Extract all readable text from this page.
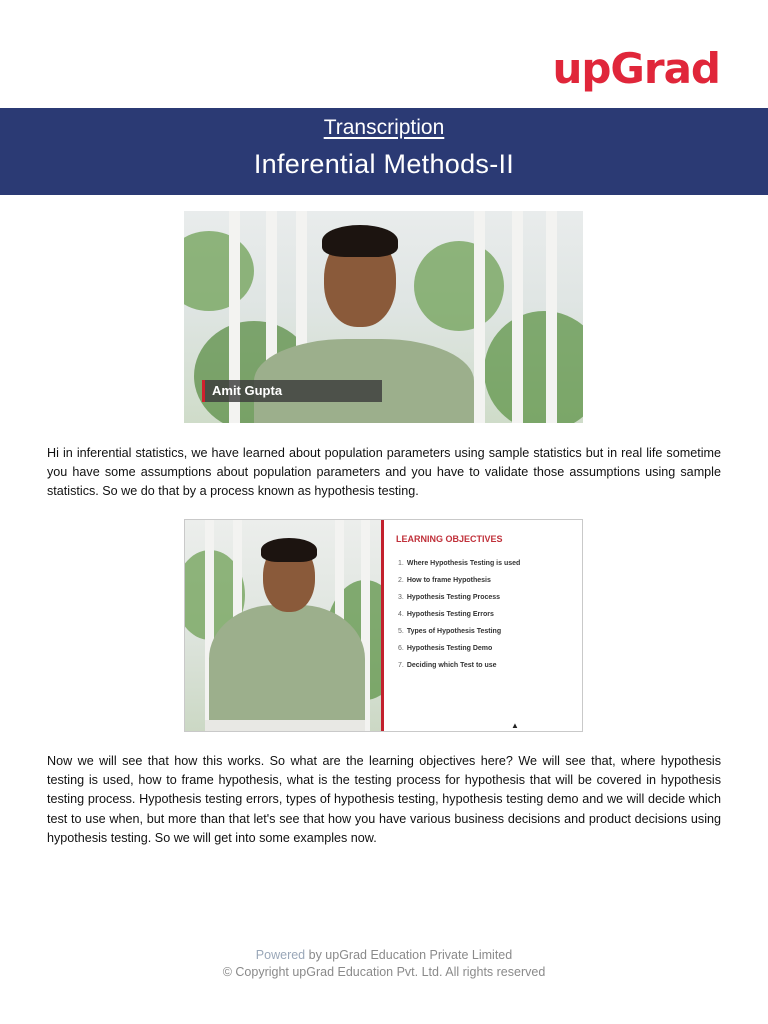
upGrad
Transcription
Inferential Methods-II
Amit Gupta

Hi in inferential statistics, we have learned about population parameters using sample statistics but in real life sometime you have some assumptions about population parameters and you have to validate those assumptions using sample statistics. So we do that by a process known as hypothesis testing.

LEARNING OBJECTIVES
1. Where Hypothesis Testing is used
2. How to frame Hypothesis
3. Hypothesis Testing Process
4. Hypothesis Testing Errors
5. Types of Hypothesis Testing
6. Hypothesis Testing Demo
7. Deciding which Test to use
▲

Now we will see that how this works. So what are the learning objectives here? We will see that, where hypothesis testing is used, how to frame hypothesis, what is the testing process for hypothesis that will be covered in hypothesis testing process. Hypothesis testing errors, types of hypothesis testing, hypothesis testing demo and we will decide which test to use when, but more than that let's see that how you have various business decisions and product decisions using hypothesis testing. So we will get into some examples now.

Powered by upGrad Education Private Limited
© Copyright upGrad Education Pvt. Ltd. All rights reserved
